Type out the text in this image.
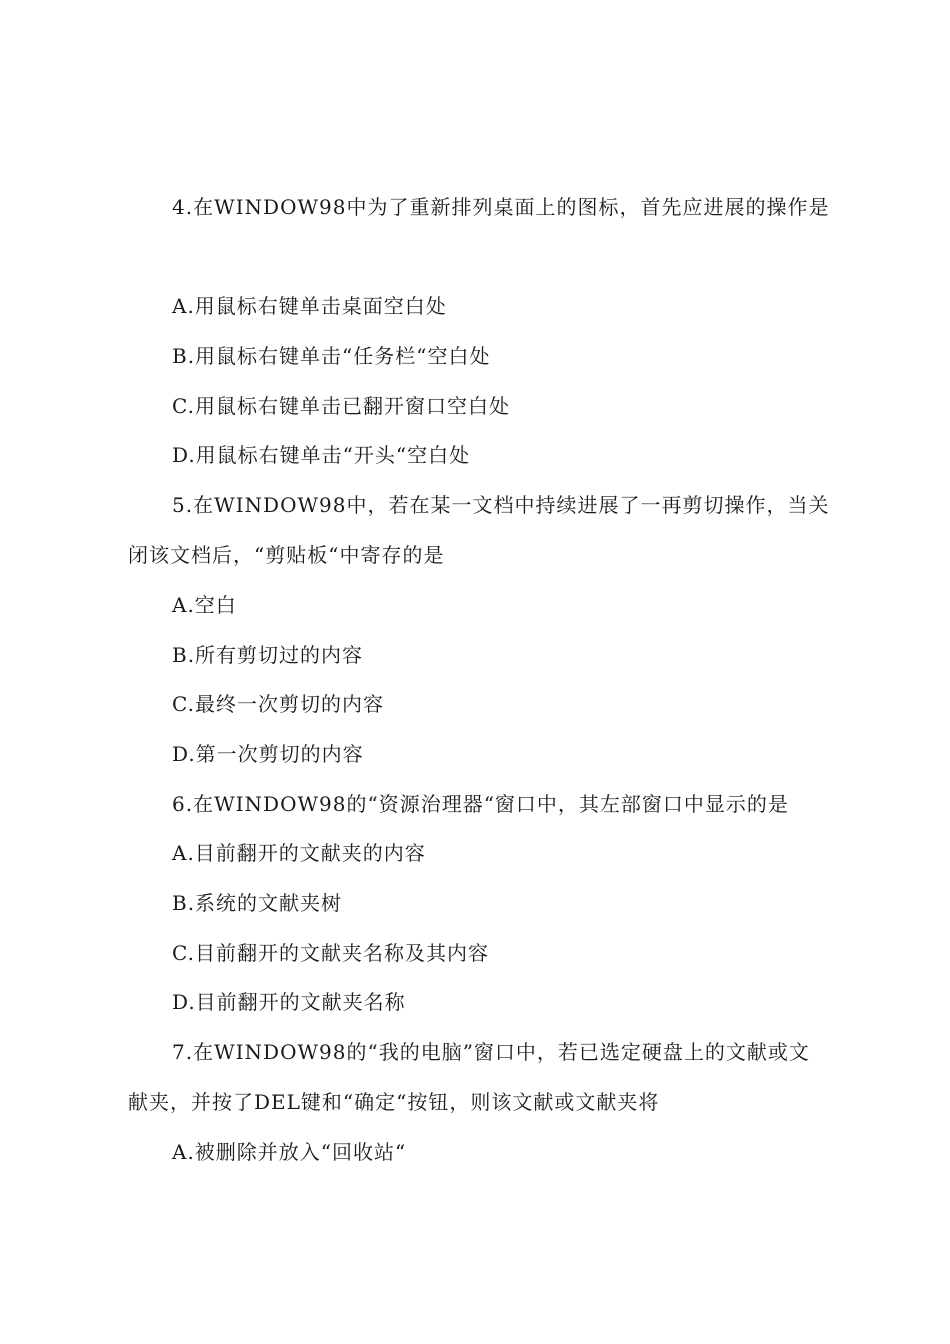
4.在WINDOW98中为了重新排列桌面上的图标，首先应进展的操作是
A.用鼠标右键单击桌面空白处
B.用鼠标右键单击“任务栏“空白处
C.用鼠标右键单击已翻开窗口空白处
D.用鼠标右键单击“开头“空白处
5.在WINDOW98中，若在某一文档中持续进展了一再剪切操作，当关
闭该文档后，“剪贴板“中寄存的是
A.空白
B.所有剪切过的内容
C.最终一次剪切的内容
D.第一次剪切的内容
6.在WINDOW98的“资源治理器“窗口中，其左部窗口中显示的是
A.目前翻开的文献夹的内容
B.系统的文献夹树
C.目前翻开的文献夹名称及其内容
D.目前翻开的文献夹名称
7.在WINDOW98的“我的电脑”窗口中，若已选定硬盘上的文献或文
献夹，并按了DEL键和“确定“按钮，则该文献或文献夹将
A.被删除并放入“回收站“
